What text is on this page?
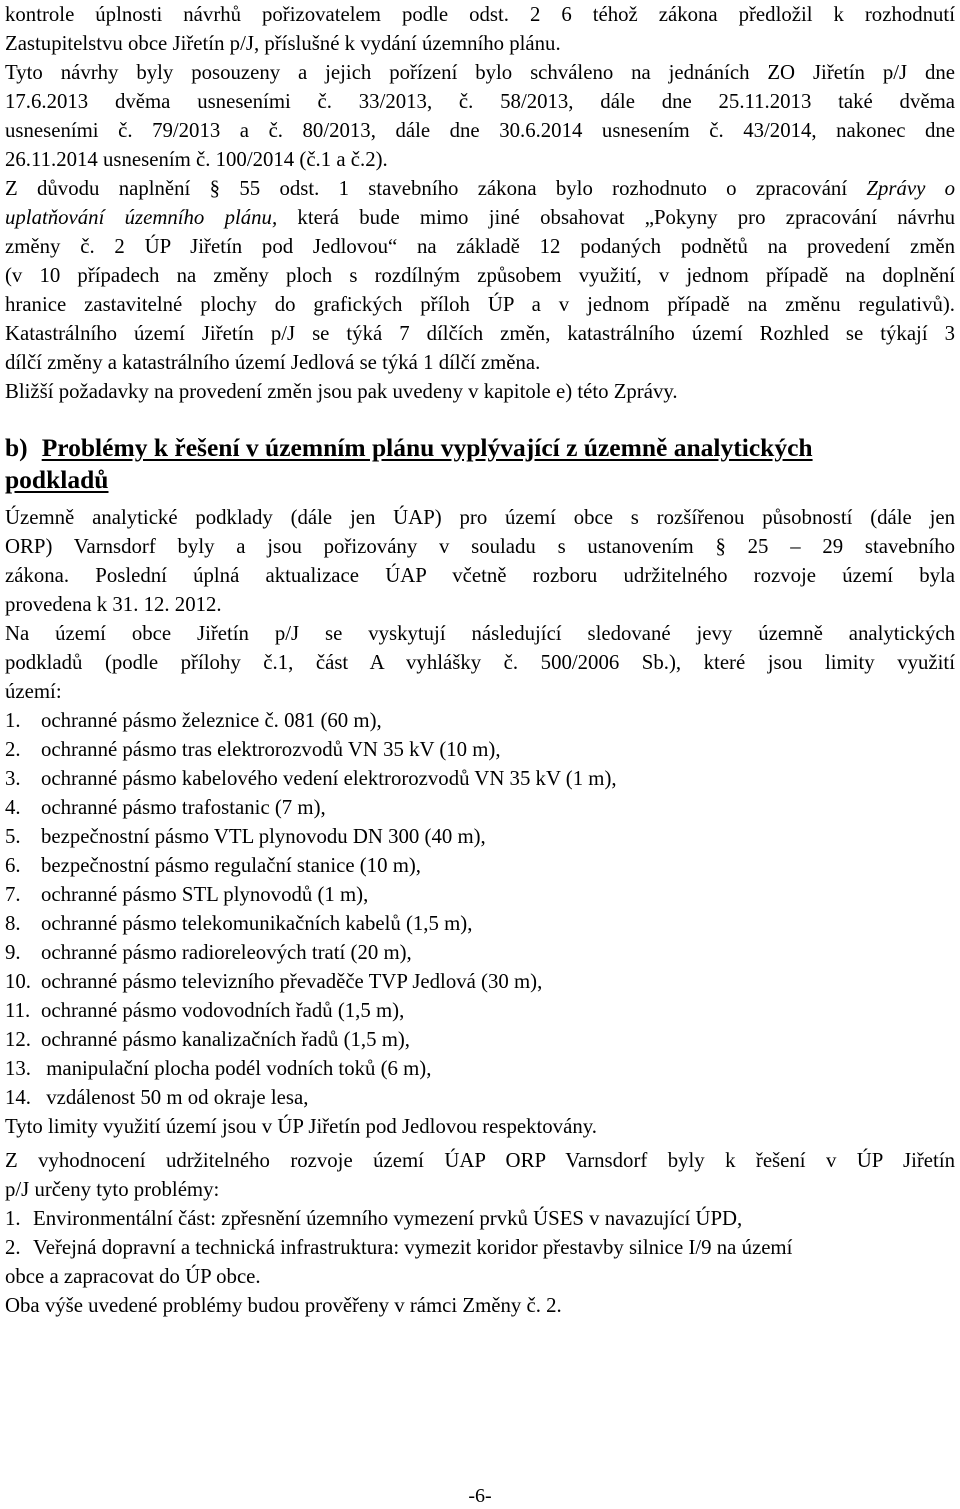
kontrole úplnosti návrhů pořizovatelem podle odst. 2 6 téhož zákona předložil k rozhodnutí
Zastupitelstvu obce Jiřetín p/J, příslušné k vydání územního plánu.
Tyto návrhy byly posouzeny a jejich pořízení bylo schváleno na jednáních ZO Jiřetín p/J dne
17.6.2013 dvěma usneseními č. 33/2013, č. 58/2013, dále dne 25.11.2013 také dvěma
usneseními č. 79/2013 a č. 80/2013, dále dne 30.6.2014 usnesením č. 43/2014, nakonec dne
26.11.2014 usnesením č. 100/2014 (č.1 a č.2).
Z důvodu naplnění § 55 odst. 1 stavebního zákona bylo rozhodnuto o zpracování Zprávy o
uplatňování územního plánu, která bude mimo jiné obsahovat „Pokyny pro zpracování návrhu
změny č. 2 ÚP Jiřetín pod Jedlovou“ na základě 12 podaných podnětů na provedení změn
(v 10 případech na změny ploch s rozdílným způsobem využití, v jednom případě na doplnění
hranice zastavitelné plochy do grafických příloh ÚP a v jednom případě na změnu regulativů).
Katastrálního území Jiřetín p/J se týká 7 dílčích změn, katastrálního území Rozhled se týkají 3
dílčí změny a katastrálního území Jedlová se týká 1 dílčí změna.
Bližší požadavky na provedení změn jsou pak uvedeny v kapitole e) této Zprávy.
b) Problémy k řešení v územním plánu vyplývající z územně analytických
podkladů
Územně analytické podklady (dále jen ÚAP) pro území obce s rozšířenou působností (dále jen
ORP) Varnsdorf byly a jsou pořizovány v souladu s ustanovením § 25 – 29 stavebního
zákona. Poslední úplná aktualizace ÚAP včetně rozboru udržitelného rozvoje území byla
provedena k 31. 12. 2012.
Na území obce Jiřetín p/J se vyskytují následující sledované jevy územně analytických
podkladů (podle přílohy č.1, část A vyhlášky č. 500/2006 Sb.), které jsou limity využití
území:
1. ochranné pásmo železnice č. 081 (60 m),
2. ochranné pásmo tras elektrorozvodů VN 35 kV (10 m),
3. ochranné pásmo kabelového vedení elektrorozvodů VN 35 kV (1 m),
4. ochranné pásmo trafostanic (7 m),
5. bezpečnostní pásmo VTL plynovodu DN 300 (40 m),
6. bezpečnostní pásmo regulační stanice (10 m),
7. ochranné pásmo STL plynovodů (1 m),
8. ochranné pásmo telekomunikačních kabelů (1,5 m),
9. ochranné pásmo radioreleových tratí (20 m),
10. ochranné pásmo televizního převaděče TVP Jedlová (30 m),
11. ochranné pásmo vodovodních řadů (1,5 m),
12. ochranné pásmo kanalizačních řadů (1,5 m),
13. manipulační plocha podél vodních toků (6 m),
14. vzdálenost 50 m od okraje lesa,
Tyto limity využití území jsou v ÚP Jiřetín pod Jedlovou respektovány.
Z vyhodnocení udržitelného rozvoje území ÚAP ORP Varnsdorf byly k řešení v ÚP Jiřetín
p/J určeny tyto problémy:
1. Environmentální část: zpřesnění územního vymezení prvků ÚSES v navazující ÚPD,
2. Veřejná dopravní a technická infrastruktura: vymezit koridor přestavby silnice I/9 na území
obce a zapracovat do ÚP obce.
Oba výše uvedené problémy budou prověřeny v rámci Změny č. 2.
-6-
